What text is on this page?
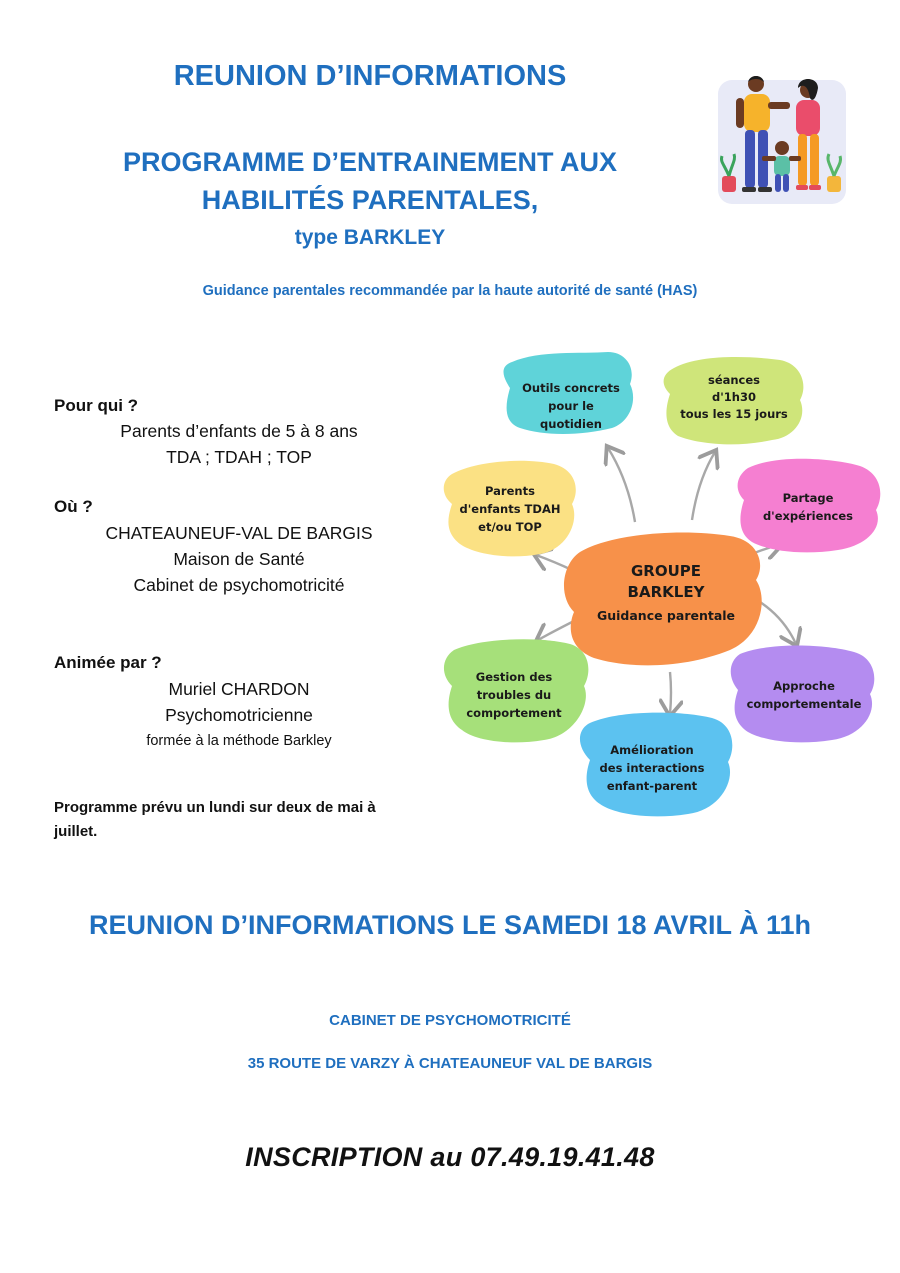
REUNION D’INFORMATIONS
PROGRAMME D’ENTRAINEMENT AUX
HABILITÉS PARENTALES,
type BARKLEY
Guidance parentales recommandée par la haute autorité de santé (HAS)
Pour qui ?
Parents d’enfants de 5 à 8 ans
TDA ; TDAH ; TOP
Où ?
CHATEAUNEUF-VAL DE BARGIS
Maison de Santé
Cabinet de psychomotricité
Animée par ?
Muriel CHARDON
Psychomotricienne
formée à la méthode Barkley
Programme prévu un lundi sur deux de mai à
juillet.
Outils concrets
pour le
quotidien
séances
d'1h30
tous les 15 jours
Parents
d'enfants TDAH
et/ou TOP
Partage
d'expériences
GROUPE
BARKLEY
Guidance parentale
Gestion des
troubles du
comportement
Approche
comportementale
Amélioration
des interactions
enfant-parent
REUNION D’INFORMATIONS LE SAMEDI 18 AVRIL À 11h
CABINET DE PSYCHOMOTRICITÉ
35 ROUTE DE VARZY À CHATEAUNEUF VAL DE BARGIS
INSCRIPTION au 07.49.19.41.48
